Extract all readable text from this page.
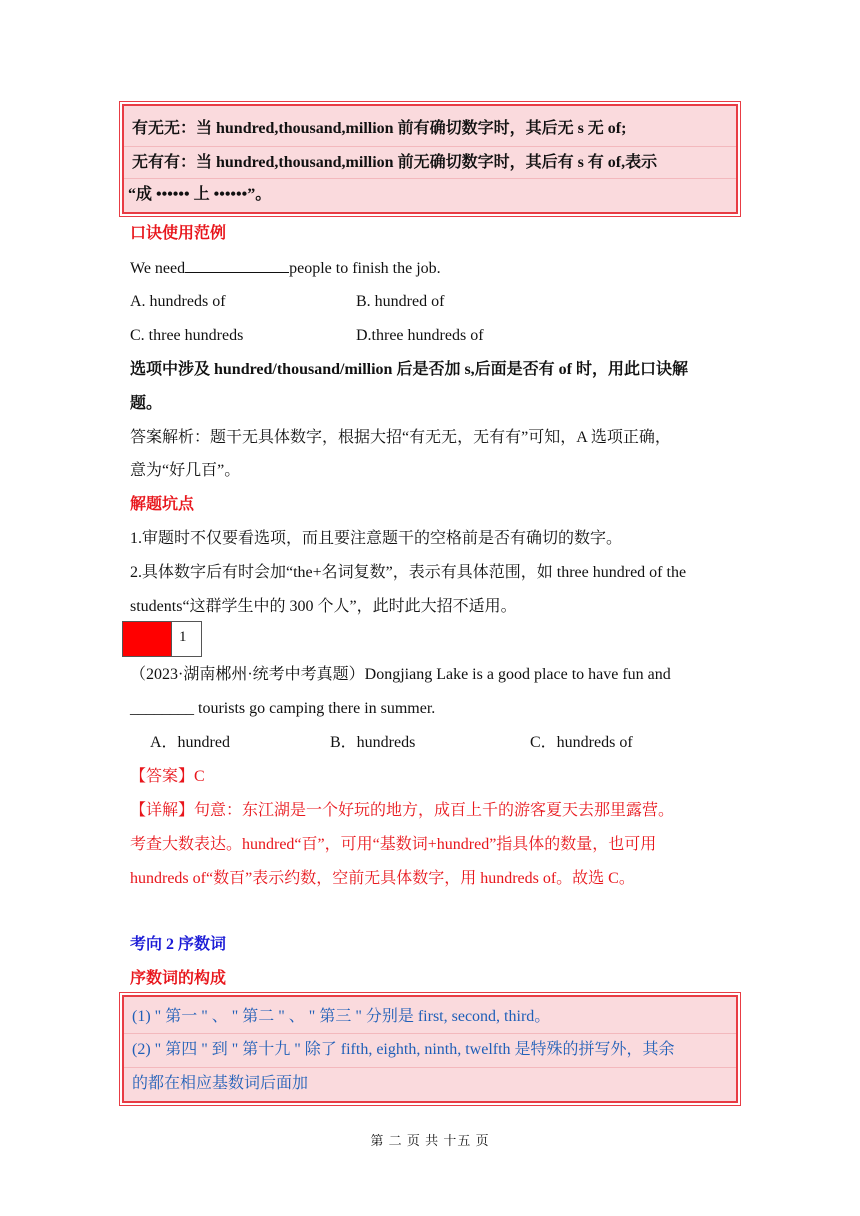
有无无：当 hundred,thousand,million 前有确切数字时，其后无 s 无 of;
无有有：当 hundred,thousand,million 前无确切数字时，其后有 s 有 of,表示
“成 •••••• 上 ••••••”。
口诀使用范例
We need	people to finish the job.
A. hundreds of	B. hundred of
C. three hundreds	D.three hundreds of
选项中涉及 hundred/thousand/million 后是否加 s,后面是否有 of 时，用此口诀解
题。
答案解析：题干无具体数字，根据大招“有无无，无有有”可知，A 选项正确，
意为“好几百”。
解题坑点
1.审题时不仅要看选项，而且要注意题干的空格前是否有确切的数字。
2.具体数字后有时会加“the+名词复数”，表示有具体范围，如 three hundred of the
students“这群学生中的 300 个人”，此时此大招不适用。
1
（2023·湖南郴州·统考中考真题）Dongjiang Lake is a good place to have fun and
________ tourists go camping there in summer.
A．hundred	B．hundreds	C．hundreds of
【答案】C
【详解】句意：东江湖是一个好玩的地方，成百上千的游客夏天去那里露营。
考查大数表达。hundred“百”，可用“基数词+hundred”指具体的数量，也可用
hundreds of“数百”表示约数，空前无具体数字，用 hundreds of。故选 C。
考向 2 序数词
序数词的构成
(1) " 第一 " 、 " 第二 " 、 " 第三 " 分别是 first, second, third。
(2) " 第四 " 到 " 第十九 " 除了 fifth, eighth, ninth, twelfth 是特殊的拼写外，其余
的都在相应基数词后面加
第 二 页 共 十五 页
